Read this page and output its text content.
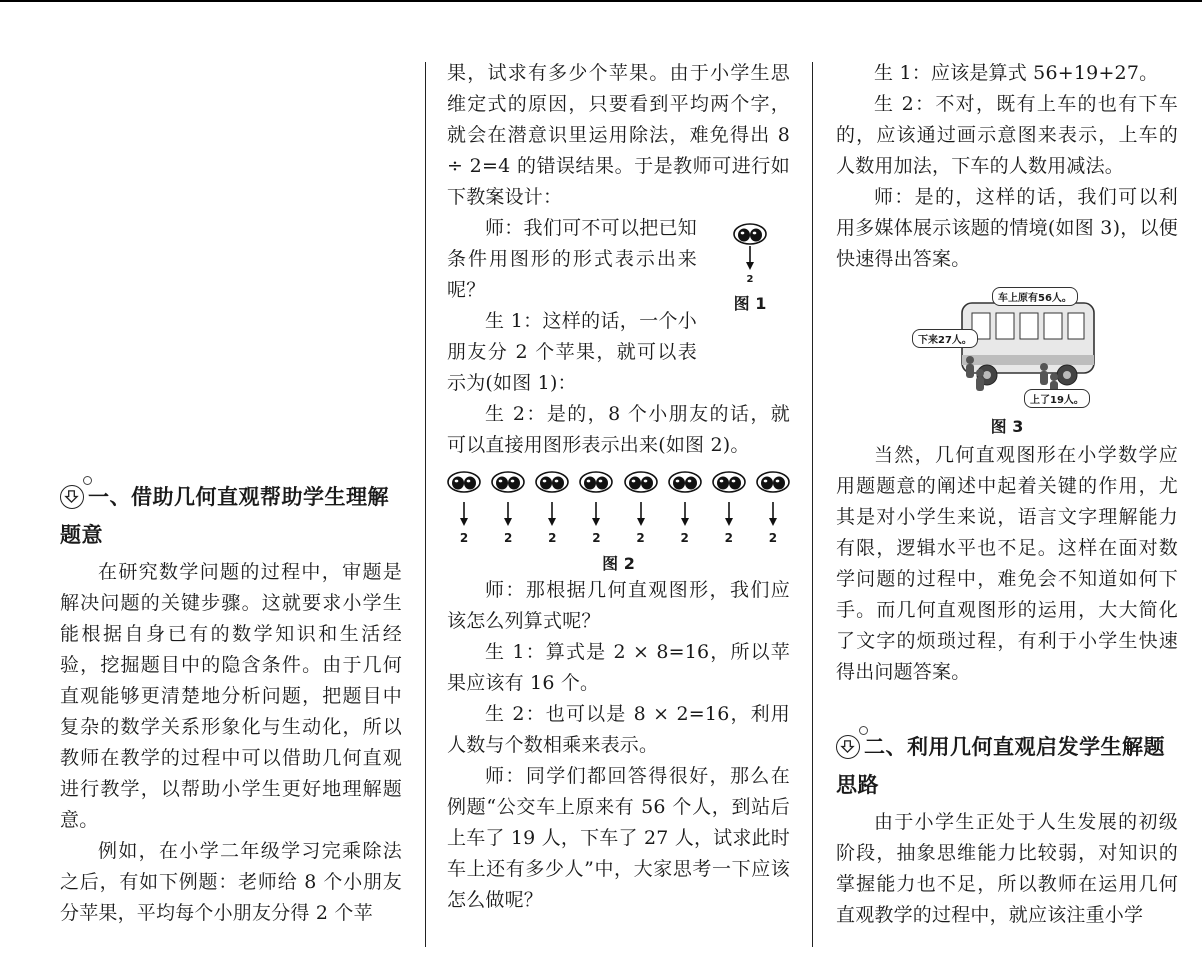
一、借助几何直观帮助学生理解题意

在研究数学问题的过程中，审题是解决问题的关键步骤。这就要求小学生能根据自身已有的数学知识和生活经验，挖掘题目中的隐含条件。由于几何直观能够更清楚地分析问题，把题目中复杂的数学关系形象化与生动化，所以教师在教学的过程中可以借助几何直观进行教学，以帮助小学生更好地理解题意。

例如，在小学二年级学习完乘除法之后，有如下例题：老师给 8 个小朋友分苹果，平均每个小朋友分得 2 个苹

果，试求有多少个苹果。由于小学生思维定式的原因，只要看到平均两个字，就会在潜意识里运用除法，难免得出 8 ÷ 2=4 的错误结果。于是教师可进行如下教案设计：

师：我们可不可以把已知条件用图形的形式表示出来呢？

生 1：这样的话，一个小朋友分 2 个苹果，就可以表示为(如图 1)：

2
图 1

生 2：是的，8 个小朋友的话，就可以直接用图形表示出来(如图 2)。

2	2	2	2	2	2	2	2
图 2

师：那根据几何直观图形，我们应该怎么列算式呢？

生 1：算式是 2 × 8=16，所以苹果应该有 16 个。

生 2：也可以是 8 × 2=16，利用人数与个数相乘来表示。

师：同学们都回答得很好，那么在例题“公交车上原来有 56 个人，到站后上车了 19 人，下车了 27 人，试求此时车上还有多少人”中，大家思考一下应该怎么做呢？

生 1：应该是算式 56+19+27。

生 2：不对，既有上车的也有下车的，应该通过画示意图来表示，上车的人数用加法，下车的人数用减法。

师：是的，这样的话，我们可以利用多媒体展示该题的情境(如图 3)，以便快速得出答案。

车上原有56人。
下来27人。
上了19人。
图 3

当然，几何直观图形在小学数学应用题题意的阐述中起着关键的作用，尤其是对小学生来说，语言文字理解能力有限，逻辑水平也不足。这样在面对数学问题的过程中，难免会不知道如何下手。而几何直观图形的运用，大大简化了文字的烦琐过程，有利于小学生快速得出问题答案。

二、利用几何直观启发学生解题思路

由于小学生正处于人生发展的初级阶段，抽象思维能力比较弱，对知识的掌握能力也不足，所以教师在运用几何直观教学的过程中，就应该注重小学
